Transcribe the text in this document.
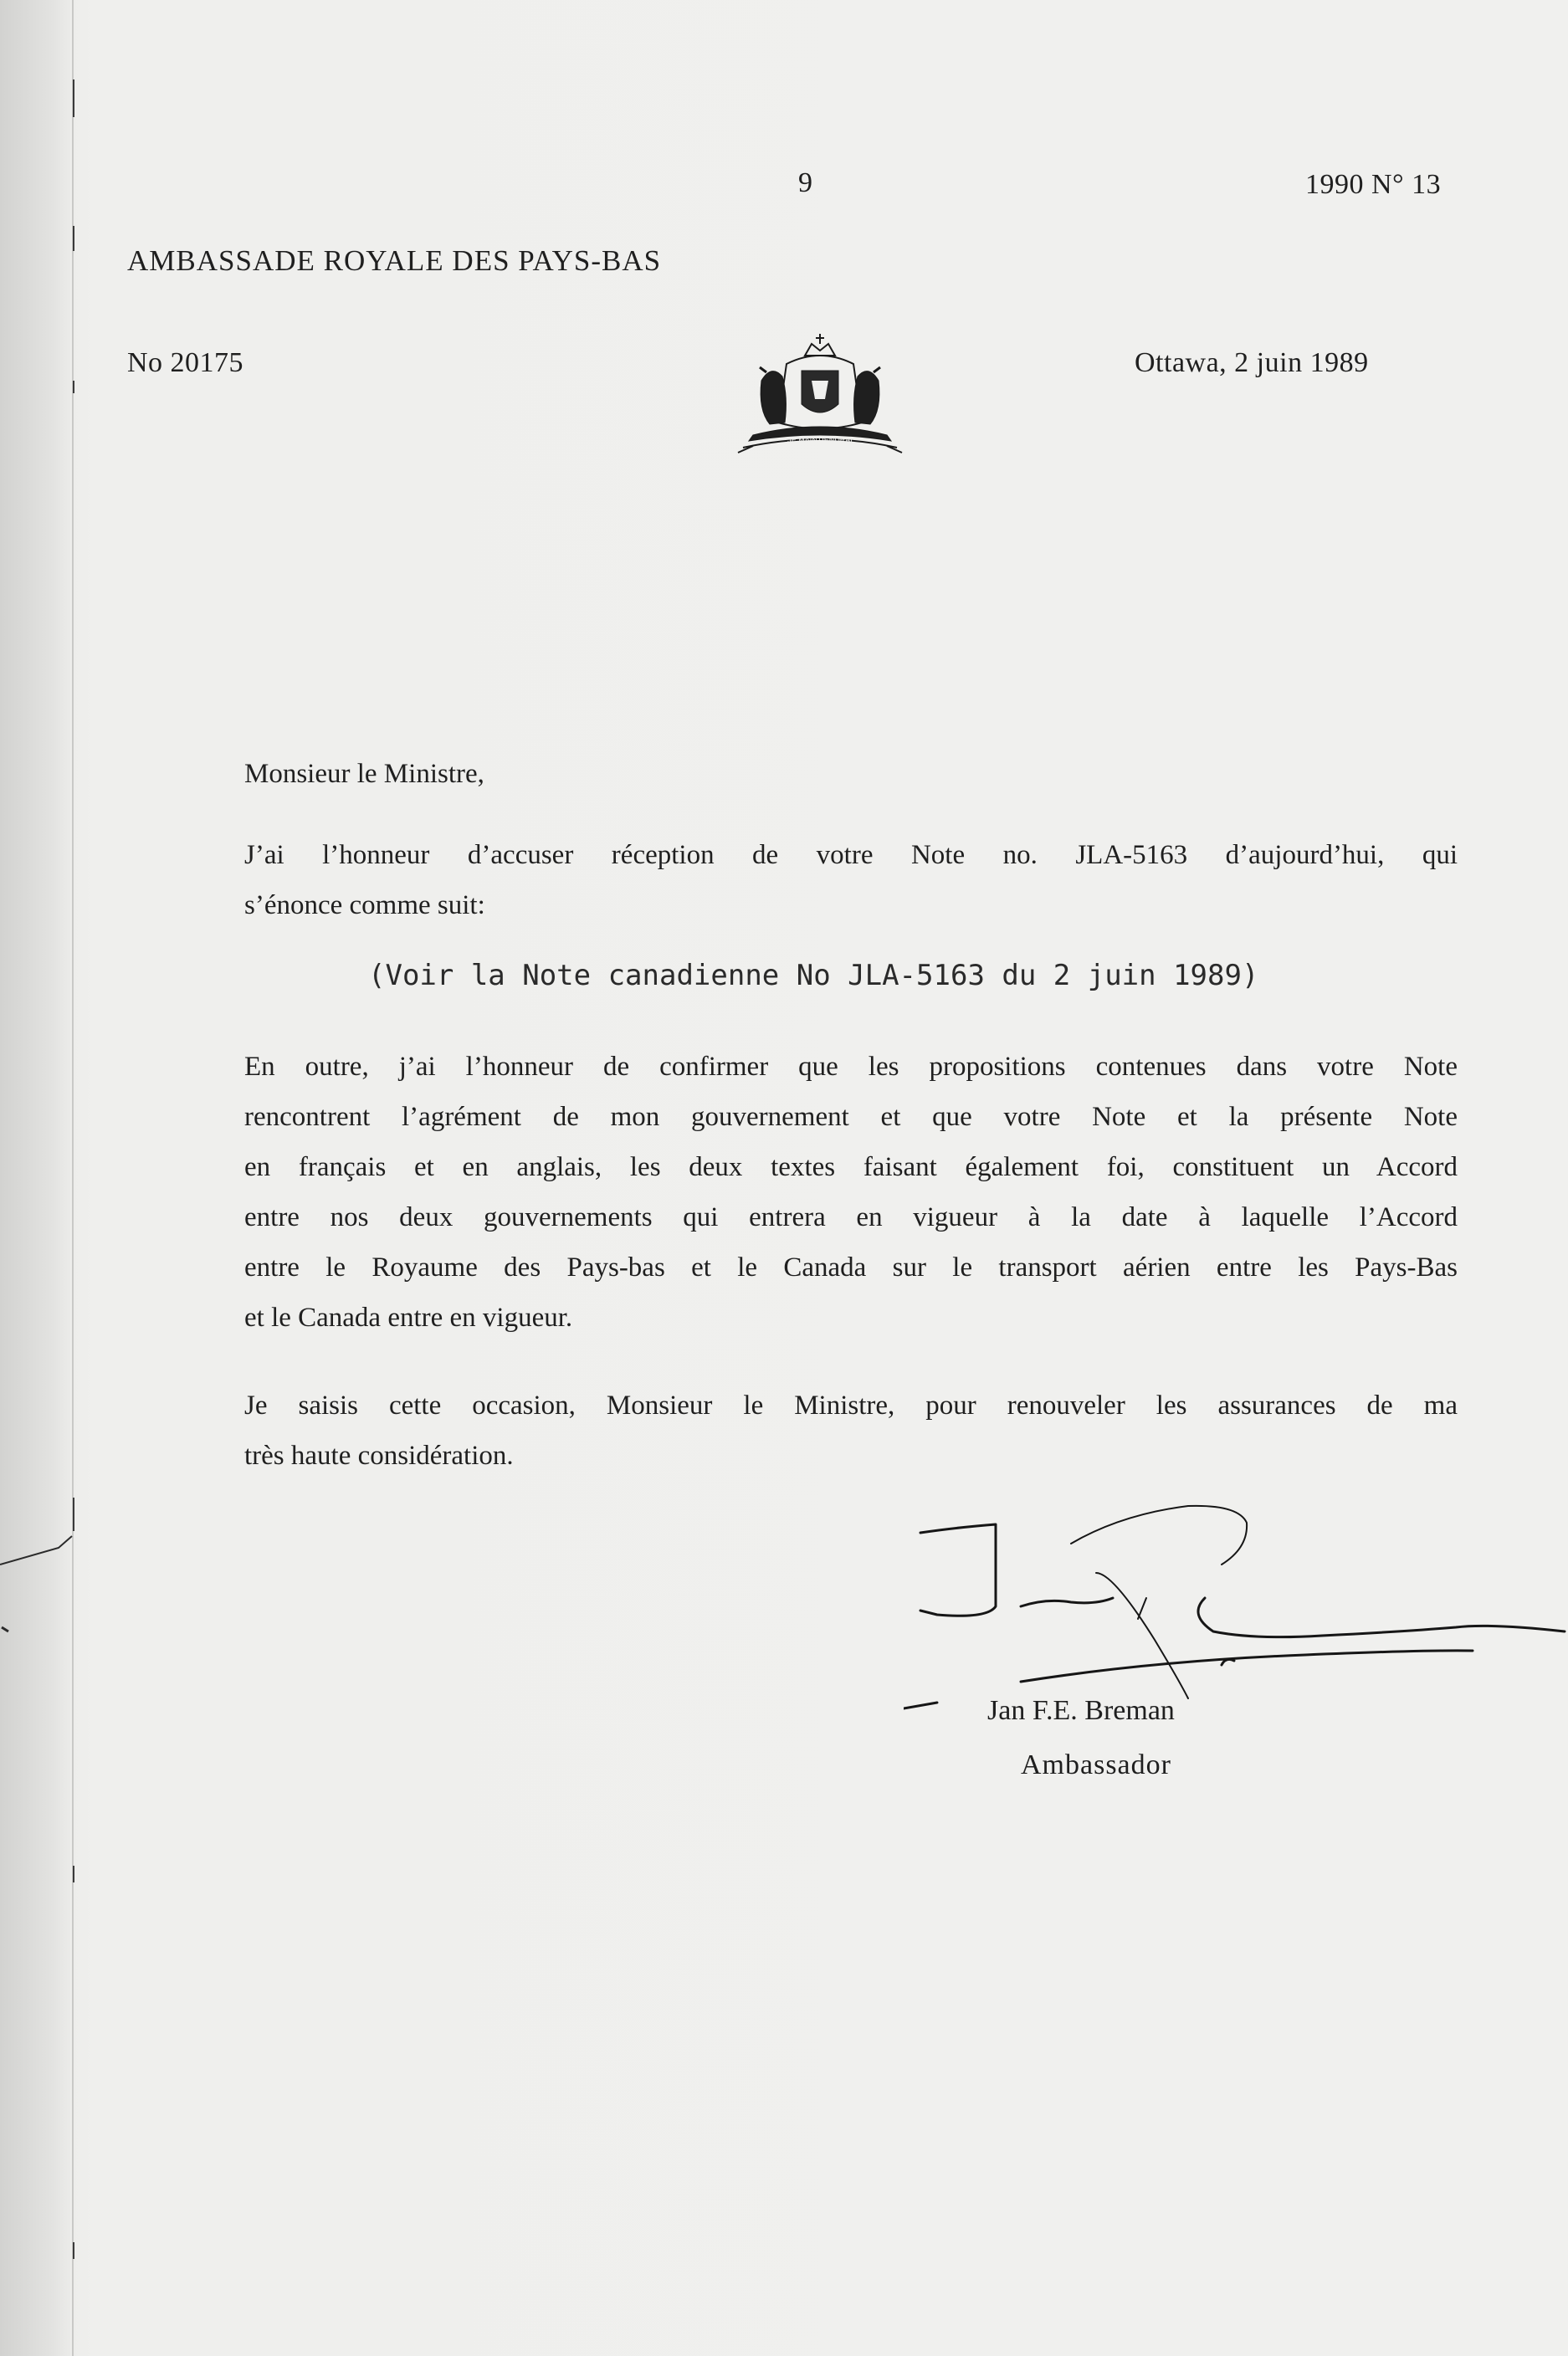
9	1990 N° 13
AMBASSADE ROYALE DES PAYS-BAS
No 20175	Ottawa, 2 juin 1989
JE MAINTIENDRAI
Monsieur le Ministre,
J’ai l’honneur d’accuser réception de votre Note no. JLA-5163 d’aujourd’hui, qui
s’énonce comme suit:
(Voir la Note canadienne No JLA-5163 du 2 juin 1989)
En outre, j’ai l’honneur de confirmer que les propositions contenues dans votre Note
rencontrent l’agrément de mon gouvernement et que votre Note et la présente Note
en français et en anglais, les deux textes faisant également foi, constituent un Accord
entre nos deux gouvernements qui entrera en vigueur à la date à laquelle l’Accord
entre le Royaume des Pays-bas et le Canada sur le transport aérien entre les Pays-Bas
et le Canada entre en vigueur.
Je saisis cette occasion, Monsieur le Ministre, pour renouveler les assurances de ma
très haute considération.
Jan F.E. Breman
Ambassador
